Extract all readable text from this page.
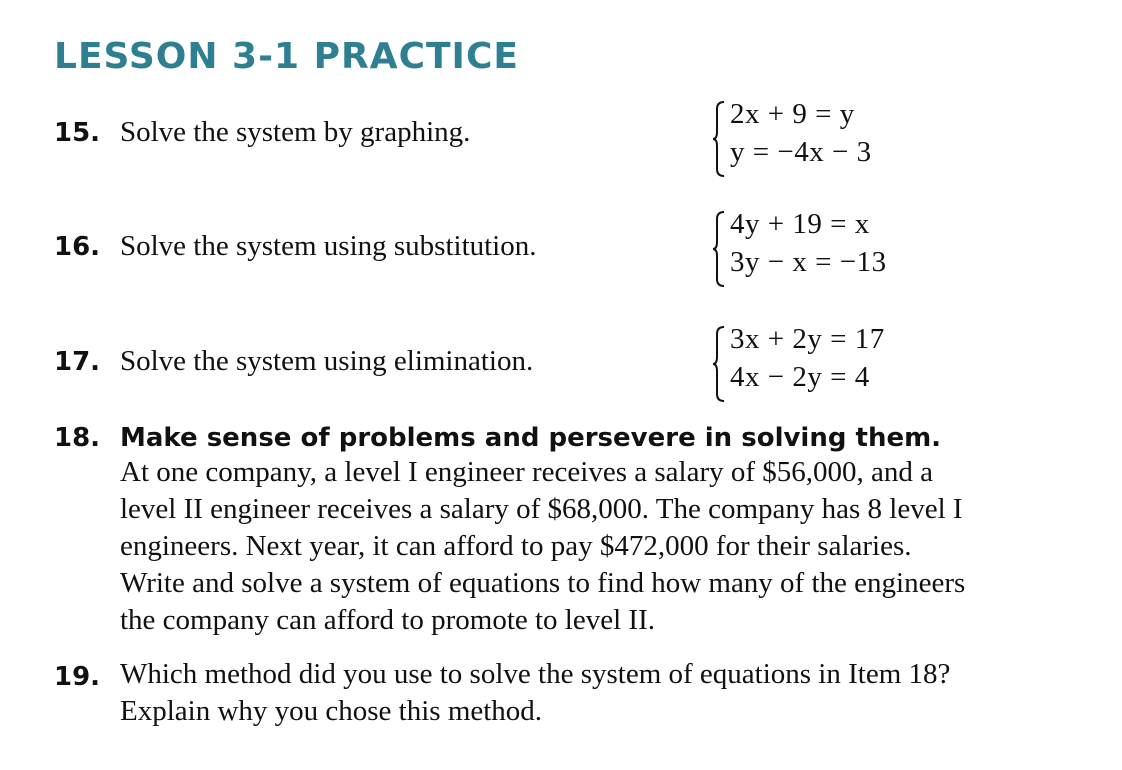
LESSON 3-1 PRACTICE
15. Solve the system by graphing.
2x + 9 = y
y = −4x − 3
16. Solve the system using substitution.
4y + 19 = x
3y − x = −13
17. Solve the system using elimination.
3x + 2y = 17
4x − 2y = 4
18. Make sense of problems and persevere in solving them.
At one company, a level I engineer receives a salary of $56,000, and a
level II engineer receives a salary of $68,000. The company has 8 level I
engineers. Next year, it can afford to pay $472,000 for their salaries.
Write and solve a system of equations to find how many of the engineers
the company can afford to promote to level II.
19. Which method did you use to solve the system of equations in Item 18?
Explain why you chose this method.
